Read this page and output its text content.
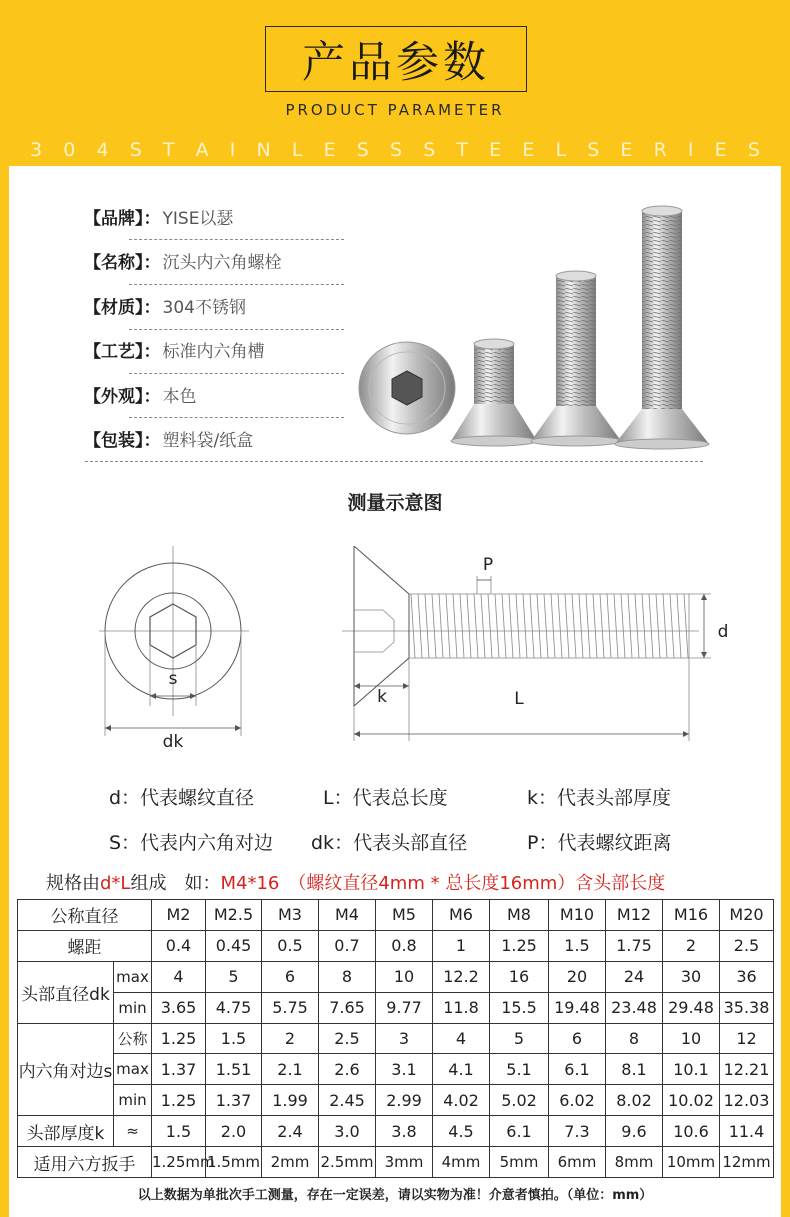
产品参数
PRODUCT PARAMETER
3 0 4 S T A I N L E S S S T E E L S E R I E S
【品牌】： YISE以瑟
【名称】： 沉头内六角螺栓
【材质】： 304不锈钢
【工艺】： 标准内六角槽
【外观】： 本色
【包装】： 塑料袋/纸盒
测量示意图
s
dk
d
P
k	L
d：代表螺纹直径	L：代表总长度	k：代表头部厚度
S：代表内六角对边 dk：代表头部直径	P：代表螺纹距离
规格由d*L组成　如：M4*16　（螺纹直径4mm * 总长度16mm）含头部长度
公称直径		M2	M2.5	M3	M4	M5	M6	M8	M10	M12	M16	M20
螺距		0.4	0.45	0.5	0.7	0.8	1	1.25	1.5	1.75	2	2.5
头部直径dk	max	4	5	6	8	10	12.2	16	20	24	30	36
	min	3.65	4.75	5.75	7.65	9.77	11.8	15.5	19.48	23.48	29.48	35.38
内六角对边s	公称	1.25	1.5	2	2.5	3	4	5	6	8	10	12
	max	1.37	1.51	2.1	2.6	3.1	4.1	5.1	6.1	8.1	10.1	12.21
	min	1.25	1.37	1.99	2.45	2.99	4.02	5.02	6.02	8.02	10.02	12.03
头部厚度k	≈	1.5	2.0	2.4	3.0	3.8	4.5	6.1	7.3	9.6	10.6	11.4
适用六方扳手		1.25mm	1.5mm	2mm	2.5mm	3mm	4mm	5mm	6mm	8mm	10mm	12mm
以上数据为单批次手工测量，存在一定误差，请以实物为准！介意者慎拍。（单位：mm）
